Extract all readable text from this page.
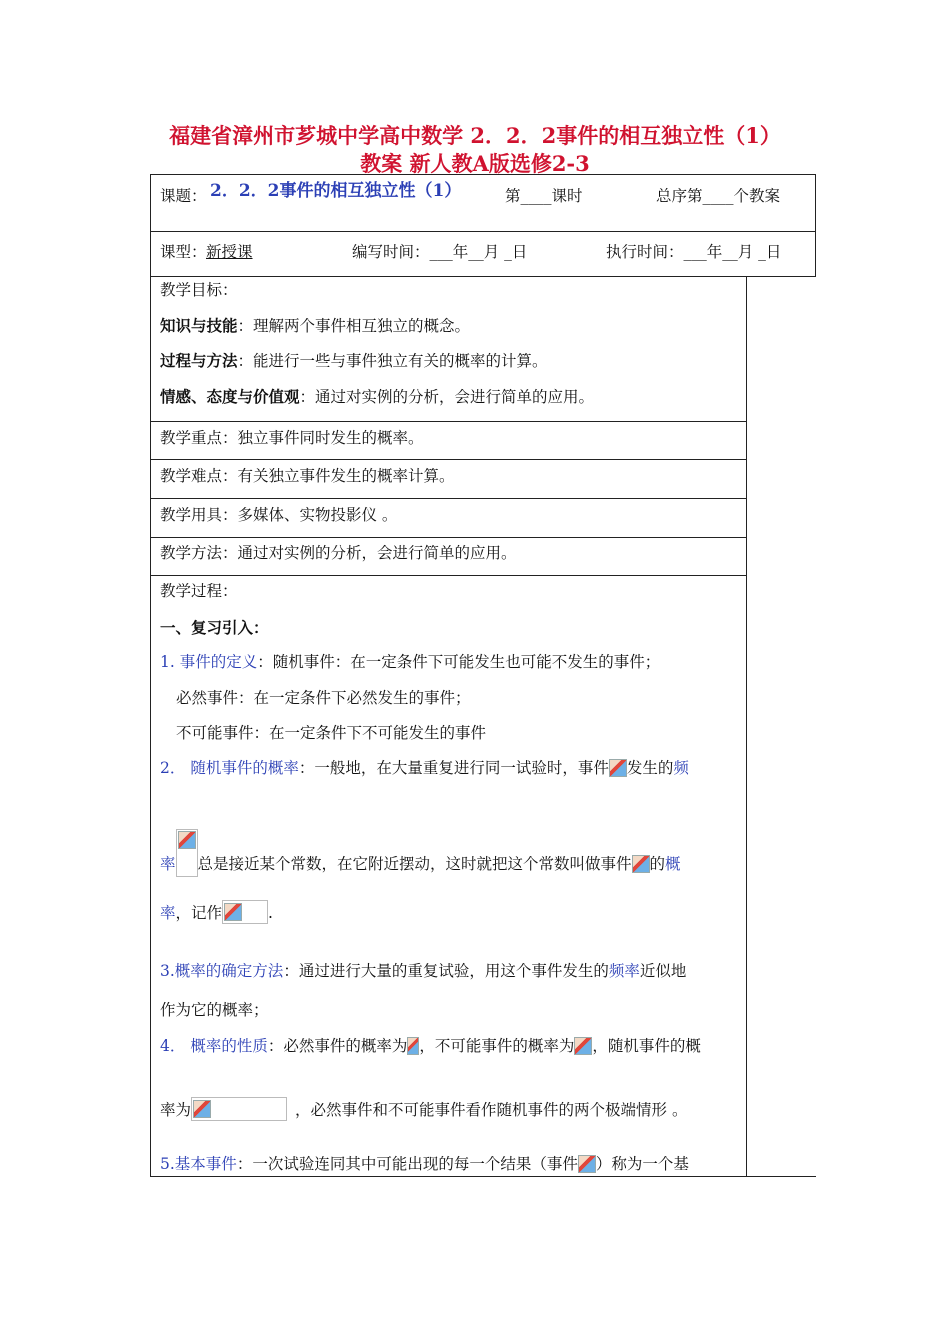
福建省漳州市芗城中学高中数学 2．2．2事件的相互独立性（1）
教案 新人教A版选修2-3
课题： 2．2．2事件的相互独立性（1）	第____课时	总序第____个教案
课型： 新授课	编写时间：___年__月 _日	执行时间：___年__月 _日
教学目标：
知识与技能：理解两个事件相互独立的概念。
过程与方法：能进行一些与事件独立有关的概率的计算。
情感、态度与价值观：通过对实例的分析，会进行简单的应用。
教学重点：独立事件同时发生的概率。
教学难点：有关独立事件发生的概率计算。
教学用具：多媒体、实物投影仪 。
教学方法：通过对实例的分析，会进行简单的应用。
教学过程：
一、复习引入：
1. 事件的定义：随机事件：在一定条件下可能发生也可能不发生的事件；
必然事件：在一定条件下必然发生的事件；
不可能事件：在一定条件下不可能发生的事件
2． 随机事件的概率：一般地，在大量重复进行同一试验时，事件 发生的频
率 总是接近某个常数，在它附近摆动，这时就把这个常数叫做事件 的概
率，记作	.
3.概率的确定方法：通过进行大量的重复试验，用这个事件发生的频率近似地
作为它的概率；
4． 概率的性质：必然事件的概率为 ，不可能事件的概率为 ，随机事件的概
率为	，必然事件和不可能事件看作随机事件的两个极端情形 。
5.基本事件：一次试验连同其中可能出现的每一个结果（事件 ）称为一个基
